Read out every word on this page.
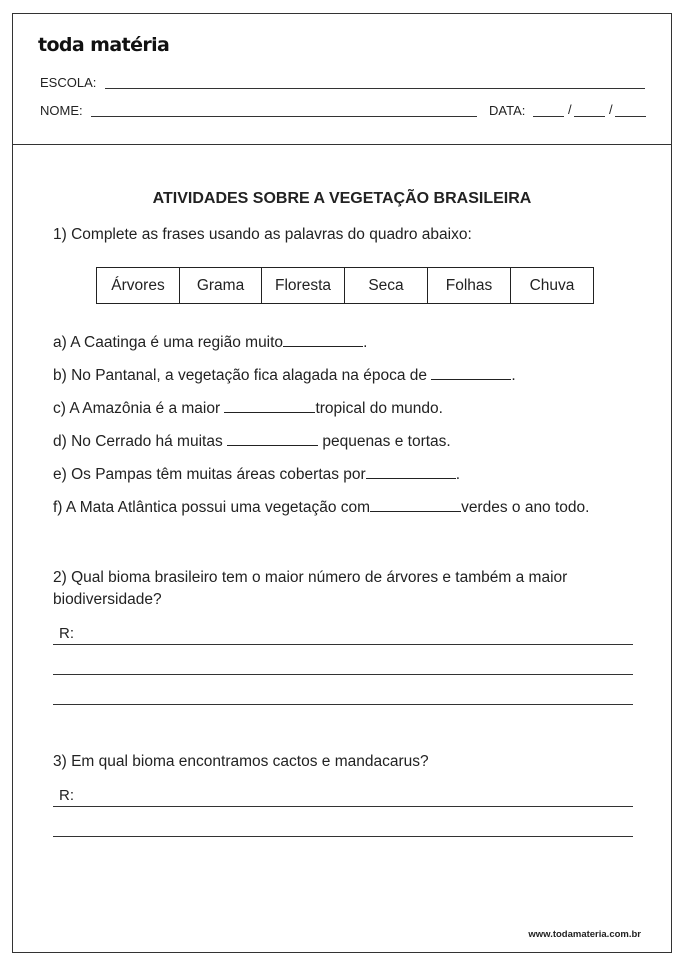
toda matéria
ESCOLA:
NOME:	DATA:	/	/
ATIVIDADES SOBRE A VEGETAÇÃO BRASILEIRA
1) Complete as frases usando as palavras do quadro abaixo:
Árvores	Grama	Floresta	Seca	Folhas	Chuva
a) A Caatinga é uma região muito	.
b) No Pantanal, a vegetação fica alagada na época de	.
c) A Amazônia é a maior	tropical do mundo.
d) No Cerrado há muitas	pequenas e tortas.
e) Os Pampas têm muitas áreas cobertas por	.
f) A Mata Atlântica possui uma vegetação com	verdes o ano todo.
2) Qual bioma brasileiro tem o maior número de árvores e também a maior biodiversidade?
R:
3) Em qual bioma encontramos cactos e mandacarus?
R:
www.todamateria.com.br
